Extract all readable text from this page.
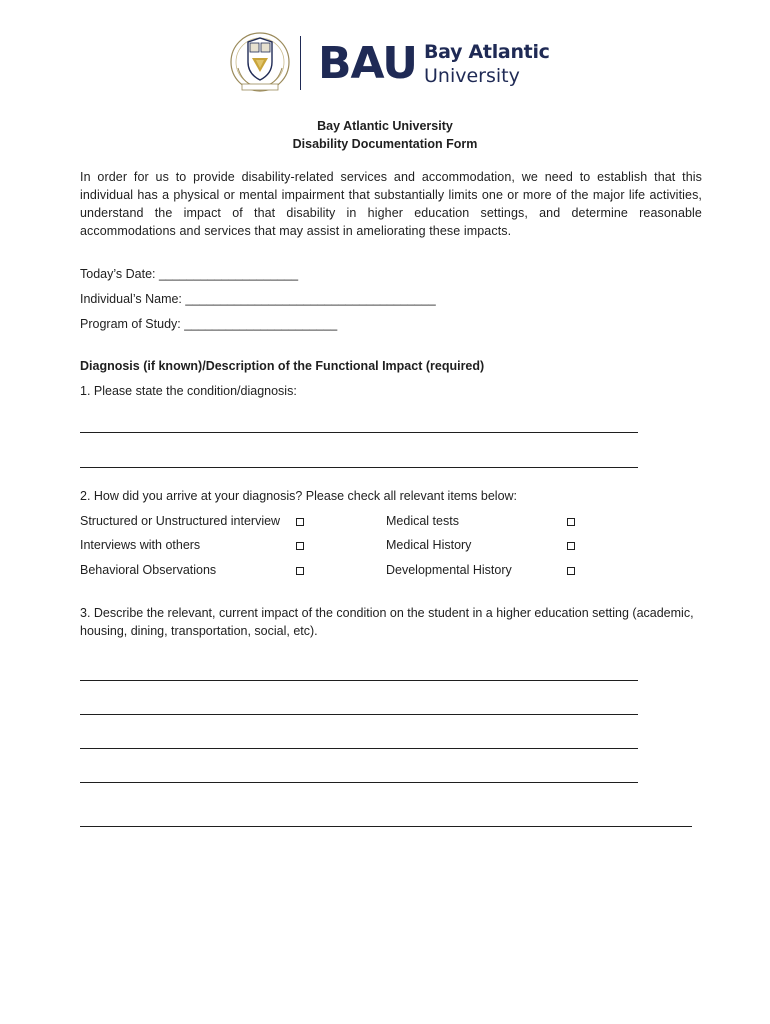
BAU Bay Atlantic
University
Bay Atlantic University
Disability Documentation Form
In order for us to provide disability-related services and accommodation, we need to establish that this individual has a physical or mental impairment that substantially limits one or more of the major life activities, understand the impact of that disability in higher education settings, and determine reasonable accommodations and services that may assist in ameliorating these impacts.
Today’s Date: ____________________
Individual’s Name: ____________________________________
Program of Study: ______________________
Diagnosis (if known)/Description of the Functional Impact (required)
1. Please state the condition/diagnosis:
2. How did you arrive at your diagnosis? Please check all relevant items below:
Structured or Unstructured interview	Medical tests
Interviews with others	Medical History
Behavioral Observations	Developmental History
3. Describe the relevant, current impact of the condition on the student in a higher education setting (academic, housing, dining, transportation, social, etc).
